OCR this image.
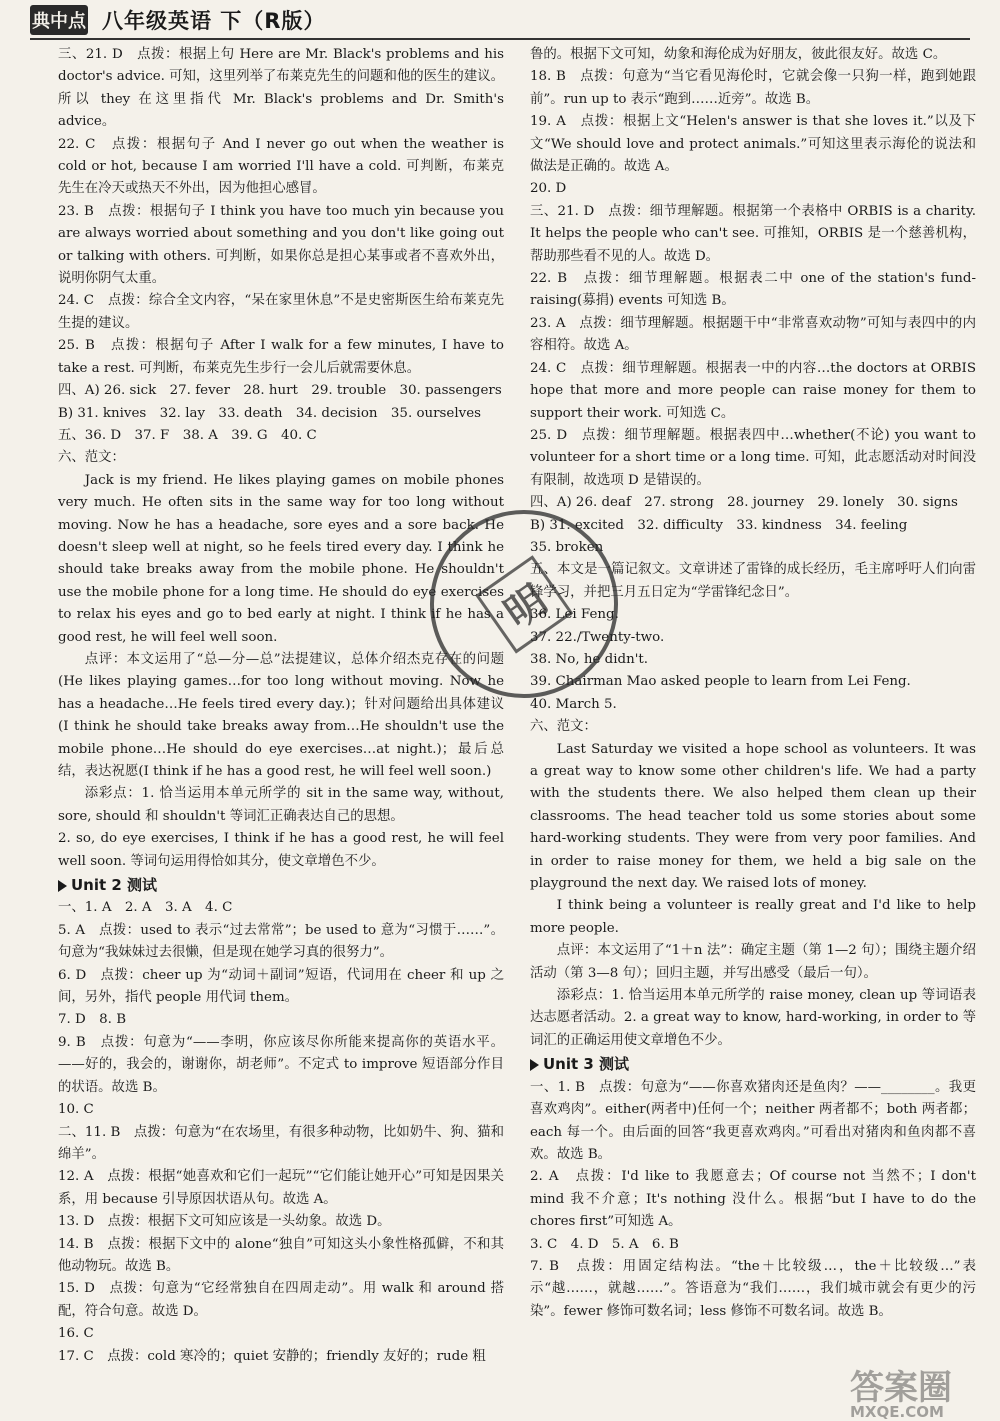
典中点 八年级英语 下（R版）
三、21. D　点拨：根据上句 Here are Mr. Black's problems and his doctor's advice. 可知，这里列举了布莱克先生的问题和他的医生的建议。所以 they 在这里指代 Mr. Black's problems and Dr. Smith's advice。
22. C　点拨：根据句子 And I never go out when the weather is cold or hot, because I am worried I'll have a cold. 可判断，布莱克先生在冷天或热天不外出，因为他担心感冒。
23. B　点拨：根据句子 I think you have too much yin because you are always worried about something and you don't like going out or talking with others. 可判断，如果你总是担心某事或者不喜欢外出，说明你阴气太重。
24. C　点拨：综合全文内容，“呆在家里休息”不是史密斯医生给布莱克先生提的建议。
25. B　点拨：根据句子 After I walk for a few minutes, I have to take a rest. 可判断，布莱克先生步行一会儿后就需要休息。
四、A) 26. sick　27. fever　28. hurt　29. trouble　30. passengers
B) 31. knives　32. lay　33. death　34. decision　35. ourselves
五、36. D　37. F　38. A　39. G　40. C
六、范文：
Jack is my friend. He likes playing games on mobile phones very much. He often sits in the same way for too long without moving. Now he has a headache, sore eyes and a sore back. He doesn't sleep well at night, so he feels tired every day. I think he should take breaks away from the mobile phone. He shouldn't use the mobile phone for a long time. He should do eye exercises to relax his eyes and go to bed early at night. I think if he has a good rest, he will feel well soon.
点评：本文运用了“总—分—总”法提建议，总体介绍杰克存在的问题(He likes playing games…for too long without moving. Now he has a headache…He feels tired every day.)；针对问题给出具体建议(I think he should take breaks away from…He shouldn't use the mobile phone…He should do eye exercises…at night.)；最后总结，表达祝愿(I think if he has a good rest, he will feel well soon.)
添彩点：1. 恰当运用本单元所学的 sit in the same way, without, sore, should 和 shouldn't 等词汇正确表达自己的思想。
2. so, do eye exercises, I think if he has a good rest, he will feel well soon. 等词句运用得恰如其分，使文章增色不少。
Unit 2 测试
一、1. A　2. A　3. A　4. C
5. A　点拨：used to 表示“过去常常”；be used to 意为“习惯于……”。句意为“我妹妹过去很懒，但是现在她学习真的很努力”。
6. D　点拨：cheer up 为“动词＋副词”短语，代词用在 cheer 和 up 之间，另外，指代 people 用代词 them。
7. D　8. B
9. B　点拨：句意为“——李明，你应该尽你所能来提高你的英语水平。——好的，我会的，谢谢你，胡老师”。不定式 to improve 短语部分作目的状语。故选 B。
10. C
二、11. B　点拨：句意为“在农场里，有很多种动物，比如奶牛、狗、猫和绵羊”。
12. A　点拨：根据“她喜欢和它们一起玩”“它们能让她开心”可知是因果关系，用 because 引导原因状语从句。故选 A。
13. D　点拨：根据下文可知应该是一头幼象。故选 D。
14. B　点拨：根据下文中的 alone“独自”可知这头小象性格孤僻，不和其他动物玩。故选 B。
15. D　点拨：句意为“它经常独自在四周走动”。用 walk 和 around 搭配，符合句意。故选 D。
16. C
17. C　点拨：cold 寒冷的；quiet 安静的；friendly 友好的；rude 粗
鲁的。根据下文可知，幼象和海伦成为好朋友，彼此很友好。故选 C。
18. B　点拨：句意为“当它看见海伦时，它就会像一只狗一样，跑到她跟前”。run up to 表示“跑到……近旁”。故选 B。
19. A　点拨：根据上文“Helen's answer is that she loves it.”以及下文“We should love and protect animals.”可知这里表示海伦的说法和做法是正确的。故选 A。
20. D
三、21. D　点拨：细节理解题。根据第一个表格中 ORBIS is a charity. It helps the people who can't see. 可推知，ORBIS 是一个慈善机构，帮助那些看不见的人。故选 D。
22. B　点拨：细节理解题。根据表二中 one of the station's fund-raising(募捐) events 可知选 B。
23. A　点拨：细节理解题。根据题干中“非常喜欢动物”可知与表四中的内容相符。故选 A。
24. C　点拨：细节理解题。根据表一中的内容…the doctors at ORBIS hope that more and more people can raise money for them to support their work. 可知选 C。
25. D　点拨：细节理解题。根据表四中…whether(不论) you want to volunteer for a short time or a long time. 可知，此志愿活动对时间没有限制，故选项 D 是错误的。
四、A) 26. deaf　27. strong　28. journey　29. lonely　30. signs
B) 31. excited　32. difficulty　33. kindness　34. feeling
35. broken
五、本文是一篇记叙文。文章讲述了雷锋的成长经历，毛主席呼吁人们向雷锋学习，并把三月五日定为“学雷锋纪念日”。
36. Lei Feng.
37. 22./Twenty-two.
38. No, he didn't.
39. Chairman Mao asked people to learn from Lei Feng.
40. March 5.
六、范文：
Last Saturday we visited a hope school as volunteers. It was a great way to know some other children's life. We had a party with the students there. We also helped them clean up their classrooms. The head teacher told us some stories about some hard-working students. They were from very poor families. And in order to raise money for them, we held a big sale on the playground the next day. We raised lots of money.
I think being a volunteer is really great and I'd like to help more people.
点评：本文运用了“1＋n 法”：确定主题（第 1—2 句）；围绕主题介绍活动（第 3—8 句）；回归主题，并写出感受（最后一句）。
添彩点：1. 恰当运用本单元所学的 raise money, clean up 等词语表达志愿者活动。2. a great way to know, hard-working, in order to 等词汇的正确运用使文章增色不少。
Unit 3 测试
一、1. B　点拨：句意为“——你喜欢猪肉还是鱼肉？——________。我更喜欢鸡肉”。either(两者中)任何一个；neither 两者都不；both 两者都；each 每一个。由后面的回答“我更喜欢鸡肉。”可看出对猪肉和鱼肉都不喜欢。故选 B。
2. A　点拨：I'd like to 我愿意去；Of course not 当然不；I don't mind 我不介意；It's nothing 没什么。根据“but I have to do the chores first”可知选 A。
3. C　4. D　5. A　6. B
7. B　点拨：用固定结构法。“the＋比较级…，the＋比较级…”表示“越……，就越……”。答语意为“我们……，我们城市就会有更少的污染”。fewer 修饰可数名词；less 修饰不可数名词。故选 B。
明
答案圈
MXQE.COM
